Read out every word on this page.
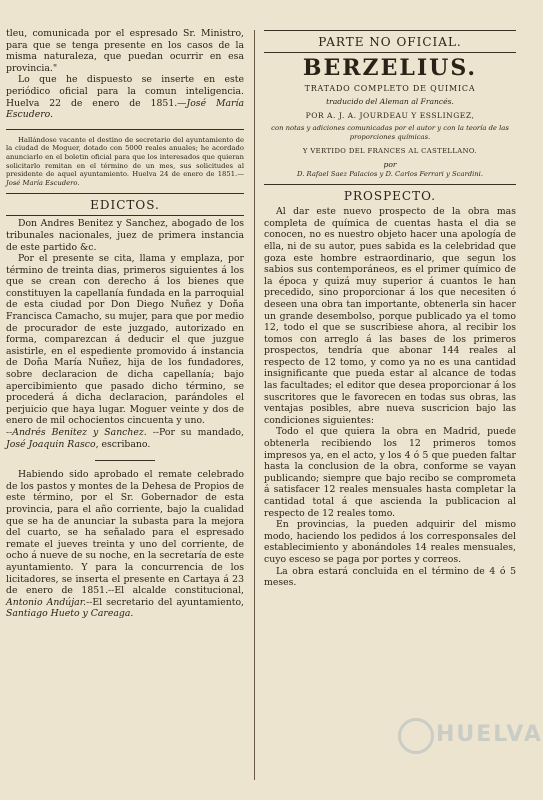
tleu, comunicada por el espresado Sr. Ministro, para que se tenga presente en los casos de la misma naturaleza, que puedan ocurrir en esa provincia."

Lo que he dispuesto se inserte en este periódico oficial para la comun inteligencia. Huelva 22 de enero de 1851.—José María Escudero.

Hallándose vacante el destino de secretario del ayuntamiento de la ciudad de Moguer, dotado con 5000 reales anuales; he acordado anunciarlo en el boletin oficial para que los interesados que quieran solicitarlo remitan en el término de un mes, sus solicitudes al presidente de aquel ayuntamiento. Huelva 24 de enero de 1851.—José María Escudero.

EDICTOS.

Don Andres Benitez y Sanchez, abogado de los tribunales nacionales, juez de primera instancia de este partido &c.

Por el presente se cita, llama y emplaza, por término de treinta dias, primeros siguientes á los que se crean con derecho á los bienes que constituyen la capellanía fundada en la parroquial de esta ciudad por Don Diego Nuñez y Doña Francisca Camacho, su mujer, para que por medio de procurador de este juzgado, autorizado en forma, comparezcan á deducir el que juzgue asistirle, en el espediente promovido á instancia de Doña María Nuñez, hija de los fundadores, sobre declaracion de dicha capellanía; bajo apercibimiento que pasado dicho término, se procederá á dicha declaracion, parándoles el perjuicio que haya lugar. Moguer veinte y dos de enero de mil ochocientos cincuenta y uno.

--Andrés Benitez y Sanchez. --Por su mandado, José Joaquin Rasco, escribano.

Habiendo sido aprobado el remate celebrado de los pastos y montes de la Dehesa de Propios de este término, por el Sr. Gobernador de esta provincia, para el año corriente, bajo la cualidad que se ha de anunciar la subasta para la mejora del cuarto, se ha señalado para el espresado remate el jueves treinta y uno del corriente, de ocho á nueve de su noche, en la secretaría de este ayuntamiento. Y para la concurrencia de los licitadores, se inserta el presente en Cartaya á 23 de enero de 1851.--El alcalde constitucional, Antonio Andújar.--El secretario del ayuntamiento, Santiago Hueto y Careaga.

PARTE NO OFICIAL.
BERZELIUS.
TRATADO COMPLETO DE QUIMICA

traducido del Aleman al Francés.

POR A. J. A. JOURDEAU Y ESSLINGEZ,

con notas y adiciones comunicadas por el autor y con la teoría de las proporciones químicas.

Y VERTIDO DEL FRANCES AL CASTELLANO.

por

D. Rafael Saez Palacios y D. Carlos Ferrari y Scardini.

PROSPECTO.

Al dar este nuevo prospecto de la obra mas completa de química de cuentas hasta el dia se conocen, no es nuestro objeto hacer una apología de ella, ni de su autor, pues sabida es la celebridad que goza este hombre estraordinario, que segun los sabios sus contemporáneos, es el primer químico de la época y quizá muy superior á cuantos le han precedido, sino proporcionar á los que necesiten ó deseen una obra tan importante, obtenerla sin hacer un grande desembolso, porque publicado ya el tomo 12, todo el que se suscribiese ahora, al recibir los tomos con arreglo á las bases de los primeros prospectos, tendría que abonar 144 reales al respecto de 12 tomo, y como ya no es una cantidad insignificante que pueda estar al alcance de todas las facultades; el editor que desea proporcionar á los suscritores que le favorecen en todas sus obras, las ventajas posibles, abre nueva suscricion bajo las condiciones siguientes:

Todo el que quiera la obra en Madrid, puede obtenerla recibiendo los 12 primeros tomos impresos ya, en el acto, y los 4 ó 5 que pueden faltar hasta la conclusion de la obra, conforme se vayan publicando; siempre que bajo recibo se comprometa á satisfacer 12 reales mensuales hasta completar la cantidad total á que ascienda la publicacion al respecto de 12 reales tomo.

En provincias, la pueden adquirir del mismo modo, haciendo los pedidos á los corresponsales del establecimiento y abonándoles 14 reales mensuales, cuyo esceso se paga por portes y correos.

La obra estará concluida en el término de 4 ó 5 meses.

HUELVA
